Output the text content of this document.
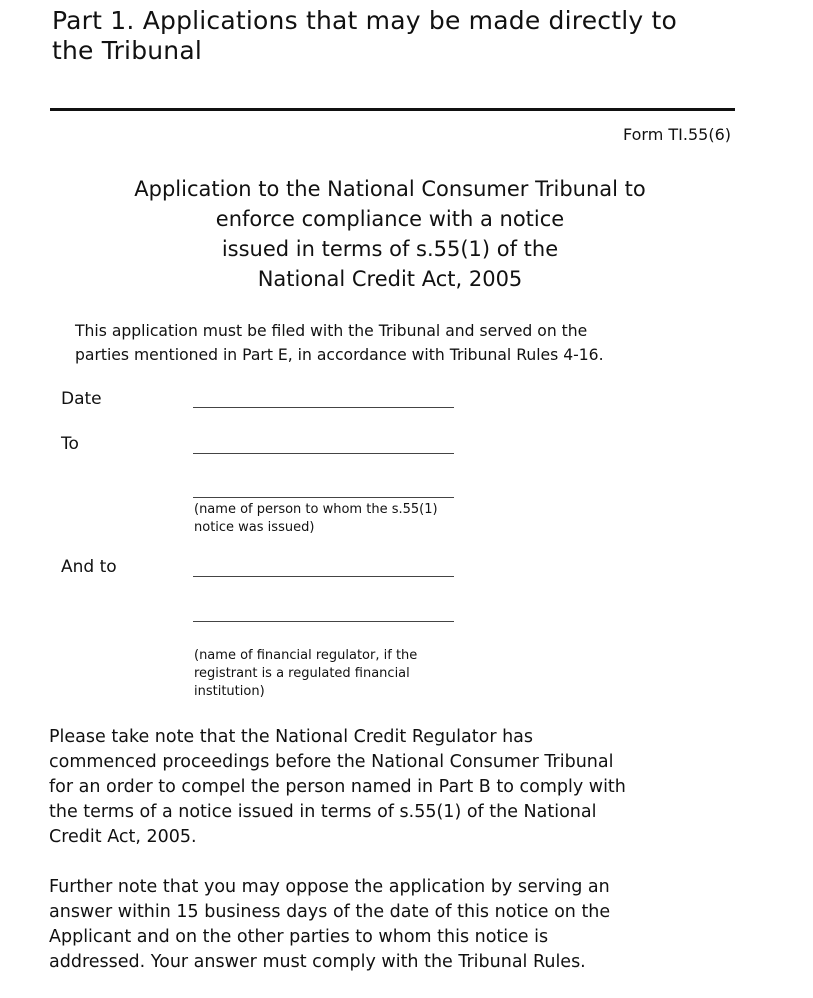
Part 1. Applications that may be made directly to
the Tribunal
Form TI.55(6)
Application to the National Consumer Tribunal to
enforce compliance with a notice
issued in terms of s.55(1) of the
National Credit Act, 2005

This application must be filed with the Tribunal and served on the
parties mentioned in Part E, in accordance with Tribunal Rules 4-16.

Date
To
(name of person to whom the s.55(1)
notice was issued)
And to
(name of financial regulator, if the
registrant is a regulated financial
institution)

Please take note that the National Credit Regulator has
commenced proceedings before the National Consumer Tribunal
for an order to compel the person named in Part B to comply with
the terms of a notice issued in terms of s.55(1) of the National
Credit Act, 2005.

Further note that you may oppose the application by serving an
answer within 15 business days of the date of this notice on the
Applicant and on the other parties to whom this notice is
addressed. Your answer must comply with the Tribunal Rules.
